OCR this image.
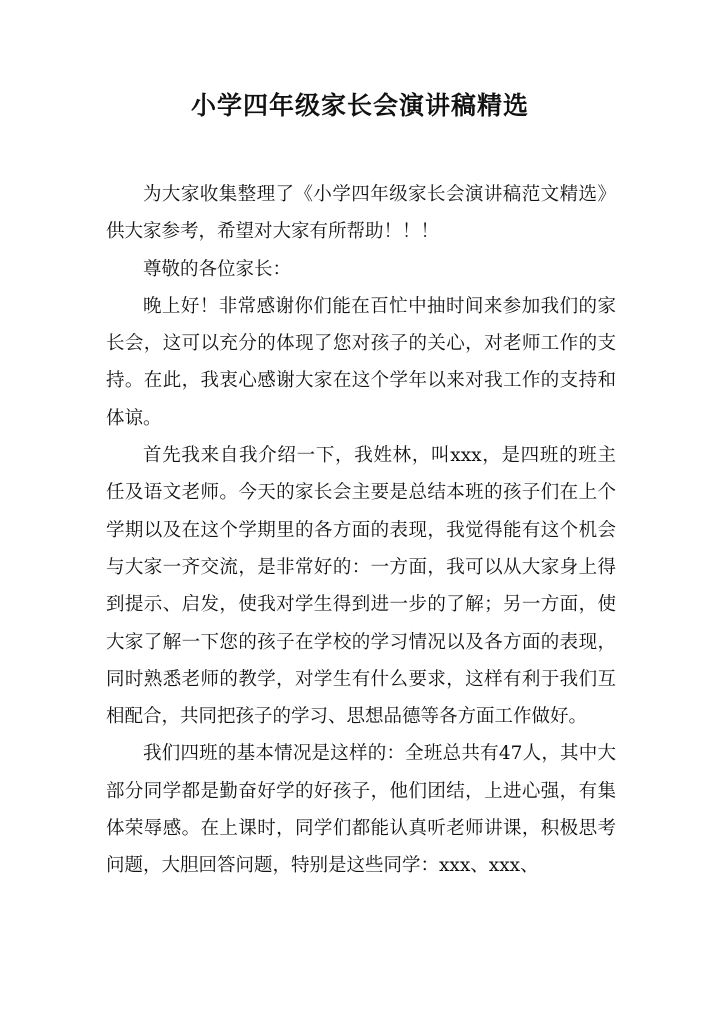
小学四年级家长会演讲稿精选

为大家收集整理了《小学四年级家长会演讲稿范文精选》供大家参考，希望对大家有所帮助！！！

尊敬的各位家长：

晚上好！非常感谢你们能在百忙中抽时间来参加我们的家长会，这可以充分的体现了您对孩子的关心，对老师工作的支持。在此，我衷心感谢大家在这个学年以来对我工作的支持和体谅。

首先我来自我介绍一下，我姓林，叫xxx，是四班的班主任及语文老师。今天的家长会主要是总结本班的孩子们在上个学期以及在这个学期里的各方面的表现，我觉得能有这个机会与大家一齐交流，是非常好的：一方面，我可以从大家身上得到提示、启发，使我对学生得到进一步的了解；另一方面，使大家了解一下您的孩子在学校的学习情况以及各方面的表现，同时熟悉老师的教学，对学生有什么要求，这样有利于我们互相配合，共同把孩子的学习、思想品德等各方面工作做好。

我们四班的基本情况是这样的：全班总共有47人，其中大部分同学都是勤奋好学的好孩子，他们团结，上进心强，有集体荣辱感。在上课时，同学们都能认真听老师讲课，积极思考问题，大胆回答问题，特别是这些同学：xxx、xxx、
